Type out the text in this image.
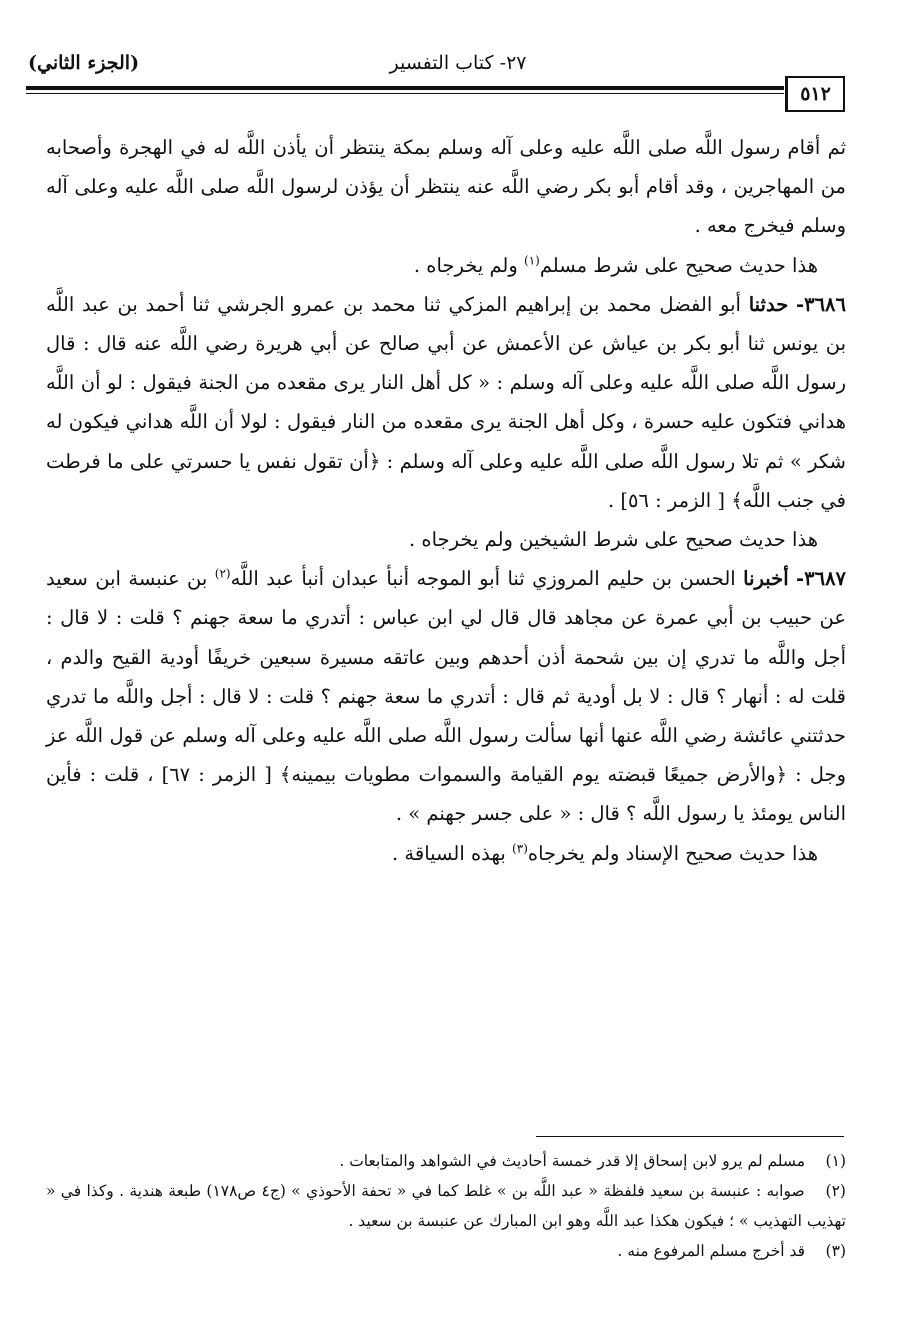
(الجزء الثاني)	٢٧- كتاب التفسير
٥١٢

ثم أقام رسول اللَّه صلى اللَّه عليه وعلى آله وسلم بمكة ينتظر أن يأذن اللَّه له في الهجرة وأصحابه من المهاجرين ، وقد أقام أبو بكر رضي اللَّه عنه ينتظر أن يؤذن لرسول اللَّه صلى اللَّه عليه وعلى آله وسلم فيخرج معه .

هذا حديث صحيح على شرط مسلم$^{(١)}$ ولم يخرجاه .

٣٦٨٦- حدثنا أبو الفضل محمد بن إبراهيم المزكي ثنا محمد بن عمرو الجرشي ثنا أحمد بن عبد اللَّه بن يونس ثنا أبو بكر بن عياش عن الأعمش عن أبي صالح عن أبي هريرة رضي اللَّه عنه قال : قال رسول اللَّه صلى اللَّه عليه وعلى آله وسلم : « كل أهل النار يرى مقعده من الجنة فيقول : لو أن اللَّه هداني فتكون عليه حسرة ، وكل أهل الجنة يرى مقعده من النار فيقول : لولا أن اللَّه هداني فيكون له شكر » ثم تلا رسول اللَّه صلى اللَّه عليه وعلى آله وسلم : ﴿أن تقول نفس يا حسرتي على ما فرطت في جنب اللَّه﴾ [ الزمر : ٥٦] .

هذا حديث صحيح على شرط الشيخين ولم يخرجاه .

٣٦٨٧- أخبرنا الحسن بن حليم المروزي ثنا أبو الموجه أنبأ عبدان أنبأ عبد اللَّه$^{(٢)}$ بن عنبسة ابن سعيد عن حبيب بن أبي عمرة عن مجاهد قال قال لي ابن عباس : أتدري ما سعة جهنم ؟ قلت : لا قال : أجل واللَّه ما تدري إن بين شحمة أذن أحدهم وبين عاتقه مسيرة سبعين خريفًا أودية القيح والدم ، قلت له : أنهار ؟ قال : لا بل أودية ثم قال : أتدري ما سعة جهنم ؟ قلت : لا قال : أجل واللَّه ما تدري حدثتني عائشة رضي اللَّه عنها أنها سألت رسول اللَّه صلى اللَّه عليه وعلى آله وسلم عن قول اللَّه عز وجل : ﴿والأرض جميعًا قبضته يوم القيامة والسموات مطويات بيمينه﴾ [ الزمر : ٦٧] ، قلت : فأين الناس يومئذ يا رسول اللَّه ؟ قال : « على جسر جهنم » .

هذا حديث صحيح الإسناد ولم يخرجاه$^{(٣)}$ بهذه السياقة .

(١) مسلم لم يرو لابن إسحاق إلا قدر خمسة أحاديث في الشواهد والمتابعات .

(٢) صوابه : عنبسة بن سعيد فلفظة « عبد اللَّه بن » غلط كما في « تحفة الأحوذي » (ج٤ ص١٧٨) طبعة هندية . وكذا في « تهذيب التهذيب » ؛ فيكون هكذا عبد اللَّه وهو ابن المبارك عن عنبسة بن سعيد .

(٣) قد أخرج مسلم المرفوع منه .
